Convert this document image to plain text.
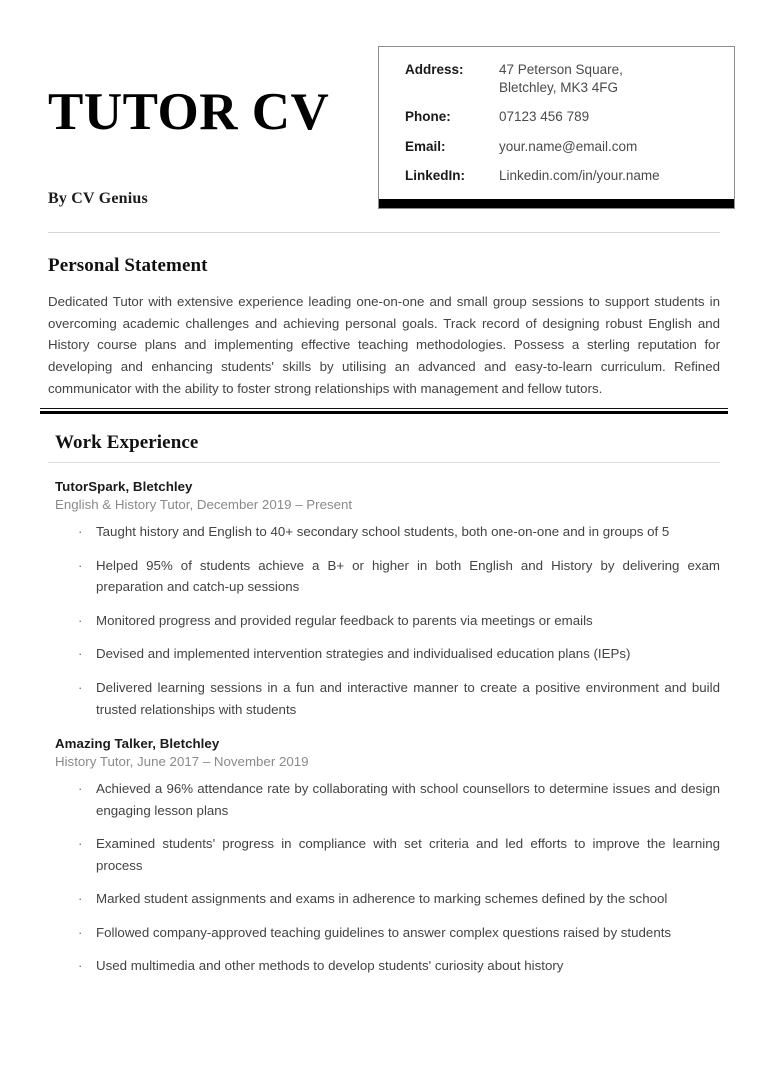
TUTOR CV

By CV Genius

Address:	47 Peterson Square,
Bletchley, MK3 4FG
Phone:	07123 456 789
Email:	your.name@email.com
LinkedIn:	Linkedin.com/in/your.name
Personal Statement

Dedicated Tutor with extensive experience leading one-on-one and small group sessions to support students in overcoming academic challenges and achieving personal goals. Track record of designing robust English and History course plans and implementing effective teaching methodologies. Possess a sterling reputation for developing and enhancing students' skills by utilising an advanced and easy-to-learn curriculum. Refined communicator with the ability to foster strong relationships with management and fellow tutors.

Work Experience

TutorSpark, Bletchley

English & History Tutor, December 2019 – Present

· Taught history and English to 40+ secondary school students, both one-on-one and in groups of 5
· Helped 95% of students achieve a B+ or higher in both English and History by delivering exam preparation and catch-up sessions
· Monitored progress and provided regular feedback to parents via meetings or emails
· Devised and implemented intervention strategies and individualised education plans (IEPs)
· Delivered learning sessions in a fun and interactive manner to create a positive environment and build trusted relationships with students

Amazing Talker, Bletchley

History Tutor, June 2017 – November 2019

· Achieved a 96% attendance rate by collaborating with school counsellors to determine issues and design engaging lesson plans
· Examined students' progress in compliance with set criteria and led efforts to improve the learning process
· Marked student assignments and exams in adherence to marking schemes defined by the school
· Followed company-approved teaching guidelines to answer complex questions raised by students
· Used multimedia and other methods to develop students' curiosity about history
